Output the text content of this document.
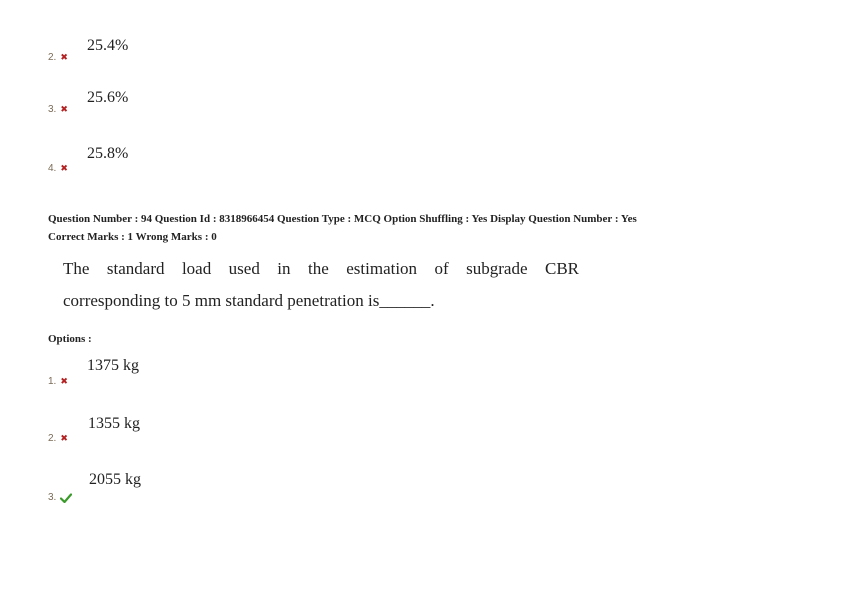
2. ✖
25.4%
3. ✖
25.6%
4. ✖
25.8%
Question Number : 94 Question Id : 8318966454 Question Type : MCQ Option Shuffling : Yes Display Question Number : Yes
Correct Marks : 1 Wrong Marks : 0
The standard load used in the estimation of subgrade CBR
corresponding to 5 mm standard penetration is______.
Options :
1. ✖
1375 kg
2. ✖
1355 kg
3.
2055 kg
